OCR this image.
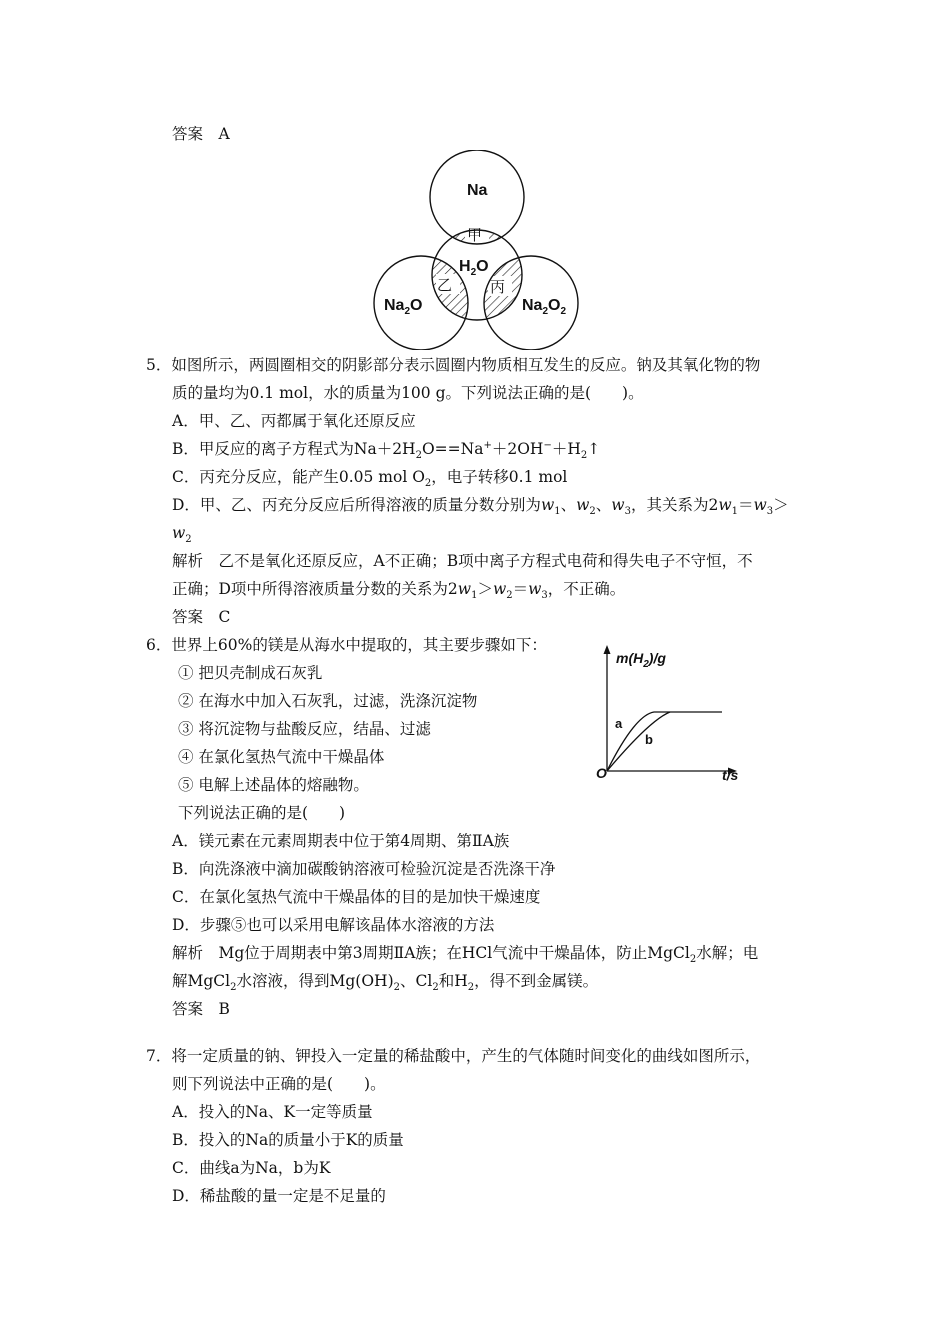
答案　A
Na
$H_2O$
$Na_2O$	$Na_2O_2$
甲
乙	丙
5．如图所示，两圆圈相交的阴影部分表示圆圈内物质相互发生的反应。钠及其氧化物的物
质的量均为0.1 mol，水的质量为100 g。下列说法正确的是(　　)。
A．甲、乙、丙都属于氧化还原反应
B．甲反应的离子方程式为$Na+2H_2O==Na^++2OH^-+H_2↑$
C．丙充分反应，能产生0.05 mol $O_2$，电子转移0.1 mol
D．甲、乙、丙充分反应后所得溶液的质量分数分别为$w_1$、$w_2$、$w_3$，其关系为$2w_1=w_3>$
$w_2$
解析　乙不是氧化还原反应，A不正确；B项中离子方程式电荷和得失电子不守恒，不
正确；D项中所得溶液质量分数的关系为$2w_1>w_2=w_3$，不正确。
答案　C
6．世界上60%的镁是从海水中提取的，其主要步骤如下：
① 把贝壳制成石灰乳
② 在海水中加入石灰乳，过滤，洗涤沉淀物
③ 将沉淀物与盐酸反应，结晶、过滤
④ 在氯化氢热气流中干燥晶体
⑤ 电解上述晶体的熔融物。
下列说法正确的是(　　)
A．镁元素在元素周期表中位于第4周期、第ⅡA族
B．向洗涤液中滴加碳酸钠溶液可检验沉淀是否洗涤干净
C．在氯化氢热气流中干燥晶体的目的是加快干燥速度
D．步骤⑤也可以采用电解该晶体水溶液的方法
解析　Mg位于周期表中第3周期ⅡA族；在HCl气流中干燥晶体，防止MgCl$_2$水解；电
解MgCl$_2$水溶液，得到$Mg(OH)_2$、$Cl_2$和$H_2$，得不到金属镁。
答案　B
$m(H_2)/g$
t/s
O
a
b
7．将一定质量的钠、钾投入一定量的稀盐酸中，产生的气体随时间变化的曲线如图所示，
则下列说法中正确的是(　　)。
A．投入的Na、K一定等质量
B．投入的Na的质量小于K的质量
C．曲线a为Na，b为K
D．稀盐酸的量一定是不足量的
